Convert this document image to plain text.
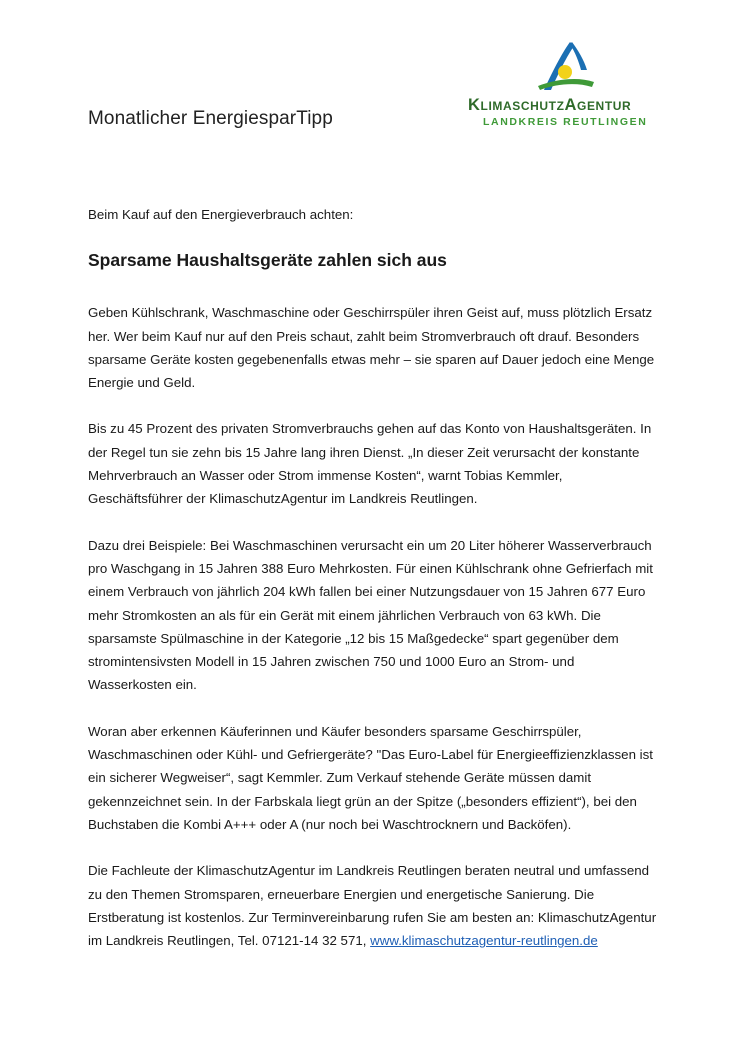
Monatlicher EnergiesparTipp
KlimaschutzAgentur
LANDKREIS REUTLINGEN

Beim Kauf auf den Energieverbrauch achten:

Sparsame Haushaltsgeräte zahlen sich aus

Geben Kühlschrank, Waschmaschine oder Geschirrspüler ihren Geist auf, muss plötzlich Ersatz her. Wer beim Kauf nur auf den Preis schaut, zahlt beim Stromverbrauch oft drauf. Besonders sparsame Geräte kosten gegebenenfalls etwas mehr – sie sparen auf Dauer jedoch eine Menge Energie und Geld.

Bis zu 45 Prozent des privaten Stromverbrauchs gehen auf das Konto von Haushaltsgeräten. In der Regel tun sie zehn bis 15 Jahre lang ihren Dienst. „In dieser Zeit verursacht der konstante Mehrverbrauch an Wasser oder Strom immense Kosten“, warnt Tobias Kemmler, Geschäftsführer der KlimaschutzAgentur im Landkreis Reutlingen.

Dazu drei Beispiele: Bei Waschmaschinen verursacht ein um 20 Liter höherer Wasserverbrauch pro Waschgang in 15 Jahren 388 Euro Mehrkosten. Für einen Kühlschrank ohne Gefrierfach mit einem Verbrauch von jährlich 204 kWh fallen bei einer Nutzungsdauer von 15 Jahren 677 Euro mehr Stromkosten an als für ein Gerät mit einem jährlichen Verbrauch von 63 kWh. Die sparsamste Spülmaschine in der Kategorie „12 bis 15 Maßgedecke“ spart gegenüber dem stromintensivsten Modell in 15 Jahren zwischen 750 und 1000 Euro an Strom- und Wasserkosten ein.

Woran aber erkennen Käuferinnen und Käufer besonders sparsame Geschirrspüler, Waschmaschinen oder Kühl- und Gefriergeräte? "Das Euro-Label für Energieeffizienzklassen ist ein sicherer Wegweiser“, sagt Kemmler. Zum Verkauf stehende Geräte müssen damit gekennzeichnet sein. In der Farbskala liegt grün an der Spitze („besonders effizient“), bei den Buchstaben die Kombi A+++ oder A (nur noch bei Waschtrocknern und Backöfen).

Die Fachleute der KlimaschutzAgentur im Landkreis Reutlingen beraten neutral und umfassend zu den Themen Stromsparen, erneuerbare Energien und energetische Sanierung. Die Erstberatung ist kostenlos. Zur Terminvereinbarung rufen Sie am besten an: KlimaschutzAgentur im Landkreis Reutlingen, Tel. 07121-14 32 571, www.klimaschutzagentur-reutlingen.de
